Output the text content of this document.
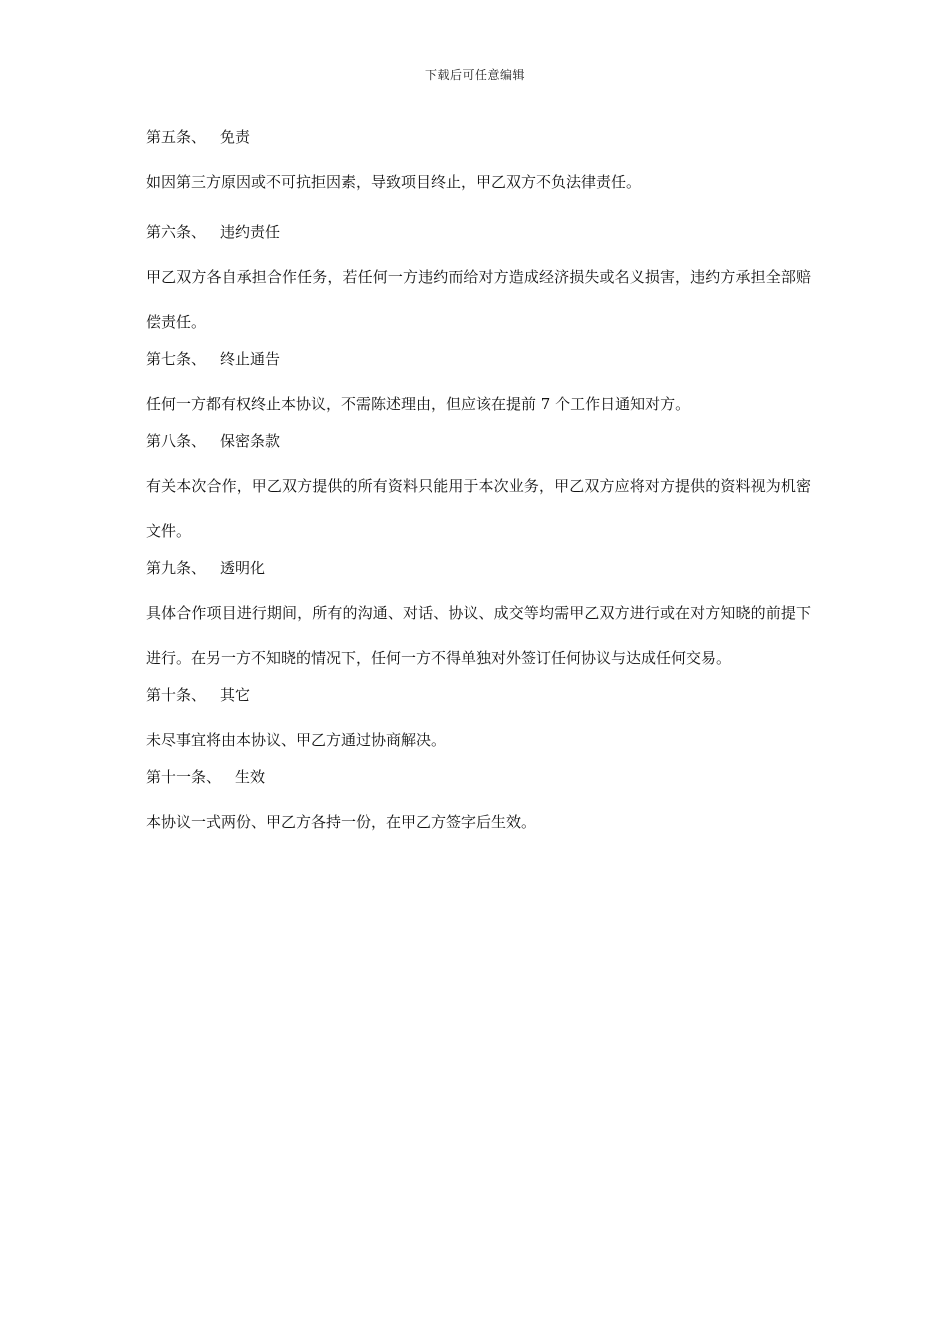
下载后可任意编辑
第五条、 免责

如因第三方原因或不可抗拒因素，导致项目终止，甲乙双方不负法律责任。

第六条、 违约责任

甲乙双方各自承担合作任务，若任何一方违约而给对方造成经济损失或名义损害，违约方承担全部赔偿责任。

第七条、 终止通告

任何一方都有权终止本协议，不需陈述理由，但应该在提前 7 个工作日通知对方。

第八条、 保密条款

有关本次合作，甲乙双方提供的所有资料只能用于本次业务，甲乙双方应将对方提供的资料视为机密文件。

第九条、 透明化

具体合作项目进行期间，所有的沟通、对话、协议、成交等均需甲乙双方进行或在对方知晓的前提下进行。在另一方不知晓的情况下，任何一方不得单独对外签订任何协议与达成任何交易。

第十条、 其它

未尽事宜将由本协议、甲乙方通过协商解决。

第十一条、 生效

本协议一式两份、甲乙方各持一份，在甲乙方签字后生效。
